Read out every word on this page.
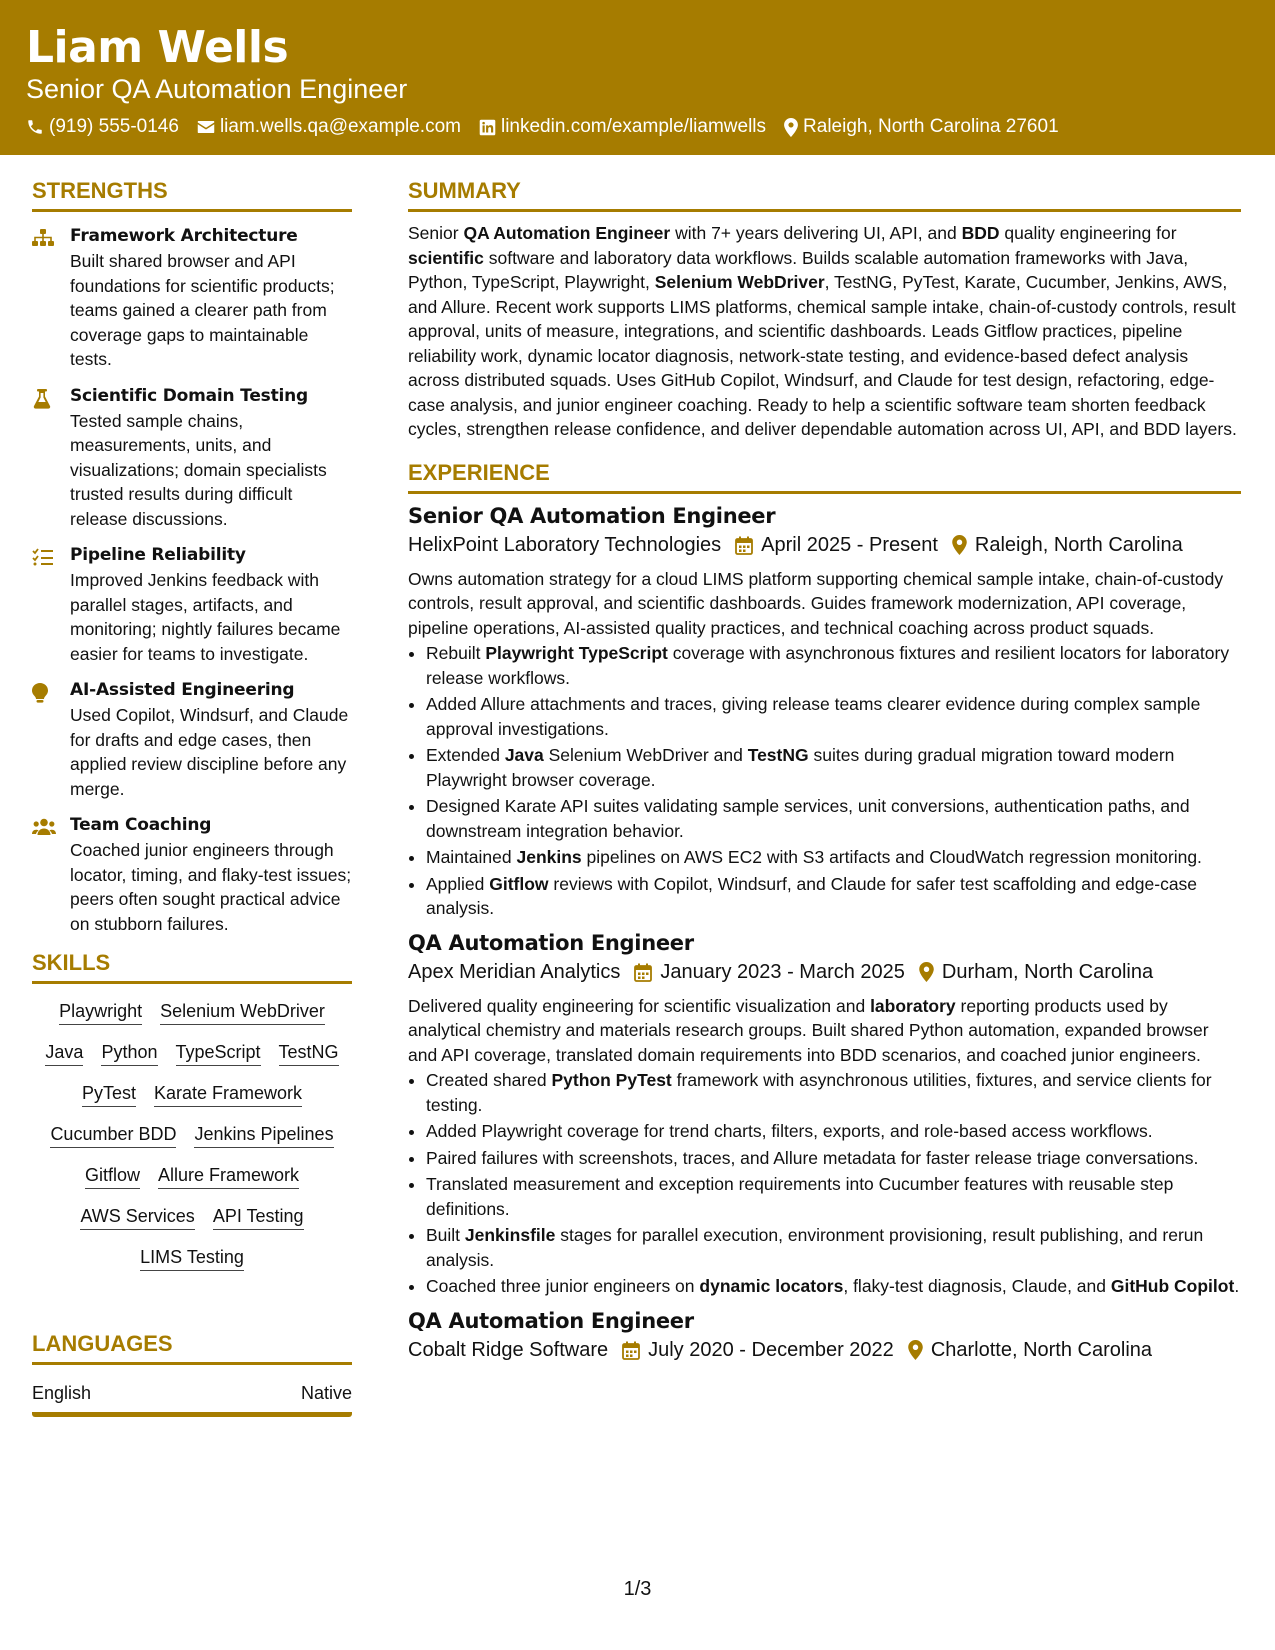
Liam Wells
Senior QA Automation Engineer
(919) 555-0146 liam.wells.qa@example.com linkedin.com/example/liamwells Raleigh, North Carolina 27601
STRENGTHS
Framework Architecture
Built shared browser and API foundations for scientific products; teams gained a clearer path from coverage gaps to maintainable tests.
Scientific Domain Testing
Tested sample chains, measurements, units, and visualizations; domain specialists trusted results during difficult release discussions.
Pipeline Reliability
Improved Jenkins feedback with parallel stages, artifacts, and monitoring; nightly failures became easier for teams to investigate.
AI-Assisted Engineering
Used Copilot, Windsurf, and Claude for drafts and edge cases, then applied review discipline before any merge.
Team Coaching
Coached junior engineers through locator, timing, and flaky-test issues; peers often sought practical advice on stubborn failures.
SKILLS
Playwright Selenium WebDriver
Java Python TypeScript TestNG
PyTest Karate Framework
Cucumber BDD Jenkins Pipelines
Gitflow Allure Framework
AWS Services API Testing
LIMS Testing
LANGUAGES
English	Native
SUMMARY
Senior QA Automation Engineer with 7+ years delivering UI, API, and BDD quality engineering for scientific software and laboratory data workflows. Builds scalable automation frameworks with Java, Python, TypeScript, Playwright, Selenium WebDriver, TestNG, PyTest, Karate, Cucumber, Jenkins, AWS, and Allure. Recent work supports LIMS platforms, chemical sample intake, chain-of-custody controls, result approval, units of measure, integrations, and scientific dashboards. Leads Gitflow practices, pipeline reliability work, dynamic locator diagnosis, network-state testing, and evidence-based defect analysis across distributed squads. Uses GitHub Copilot, Windsurf, and Claude for test design, refactoring, edge-case analysis, and junior engineer coaching. Ready to help a scientific software team shorten feedback cycles, strengthen release confidence, and deliver dependable automation across UI, API, and BDD layers.
EXPERIENCE
Senior QA Automation Engineer
HelixPoint Laboratory Technologies April 2025 - Present Raleigh, North Carolina
Owns automation strategy for a cloud LIMS platform supporting chemical sample intake, chain-of-custody controls, result approval, and scientific dashboards. Guides framework modernization, API coverage, pipeline operations, AI-assisted quality practices, and technical coaching across product squads.
• Rebuilt Playwright TypeScript coverage with asynchronous fixtures and resilient locators for laboratory release workflows.
• Added Allure attachments and traces, giving release teams clearer evidence during complex sample approval investigations.
• Extended Java Selenium WebDriver and TestNG suites during gradual migration toward modern Playwright browser coverage.
• Designed Karate API suites validating sample services, unit conversions, authentication paths, and downstream integration behavior.
• Maintained Jenkins pipelines on AWS EC2 with S3 artifacts and CloudWatch regression monitoring.
• Applied Gitflow reviews with Copilot, Windsurf, and Claude for safer test scaffolding and edge-case analysis.
QA Automation Engineer
Apex Meridian Analytics January 2023 - March 2025 Durham, North Carolina
Delivered quality engineering for scientific visualization and laboratory reporting products used by analytical chemistry and materials research groups. Built shared Python automation, expanded browser and API coverage, translated domain requirements into BDD scenarios, and coached junior engineers.
• Created shared Python PyTest framework with asynchronous utilities, fixtures, and service clients for testing.
• Added Playwright coverage for trend charts, filters, exports, and role-based access workflows.
• Paired failures with screenshots, traces, and Allure metadata for faster release triage conversations.
• Translated measurement and exception requirements into Cucumber features with reusable step definitions.
• Built Jenkinsfile stages for parallel execution, environment provisioning, result publishing, and rerun analysis.
• Coached three junior engineers on dynamic locators, flaky-test diagnosis, Claude, and GitHub Copilot.
QA Automation Engineer
Cobalt Ridge Software July 2020 - December 2022 Charlotte, North Carolina
1/3
